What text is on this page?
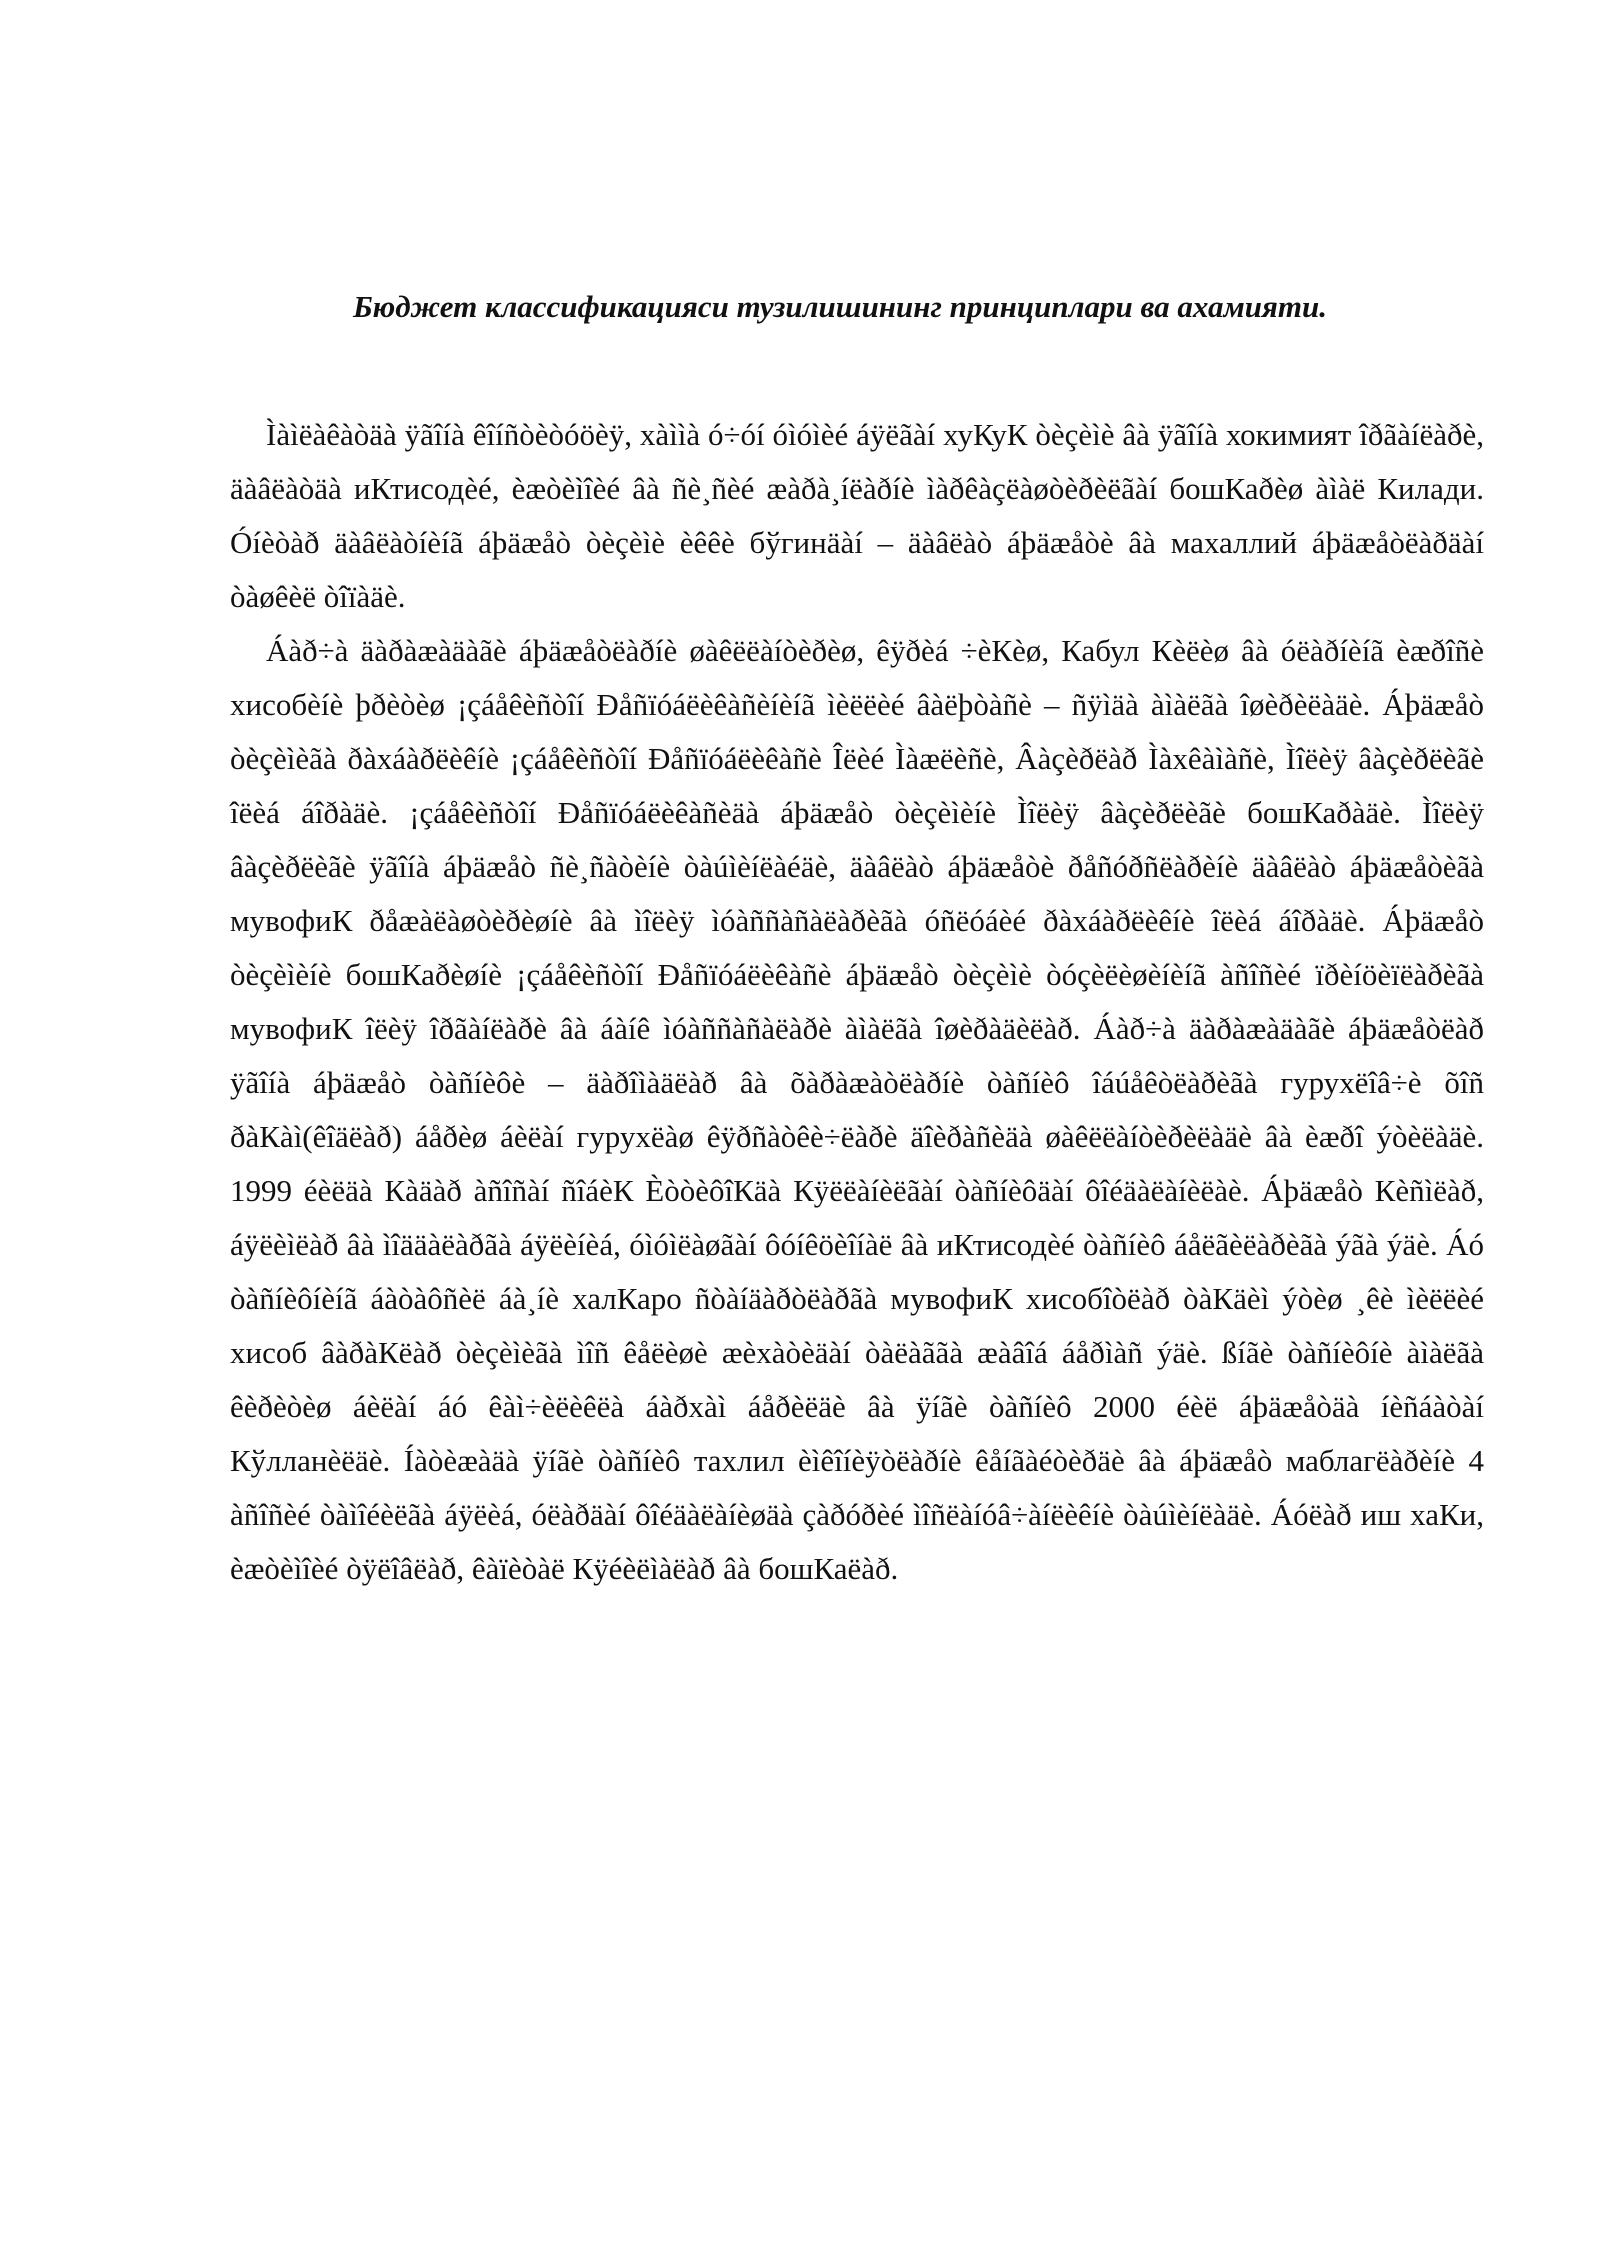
Бюджет классификацияси тузилишининг принциплари ва ахамияти.

Ìàìëàêàòäà ÿãîíà êîíñòèòóöèÿ, хàììà ó÷óí óìóìèé áÿëãàí хуКуК òèçèìè âà ÿãîíà хокимият îðãàíëàðè, äàâëàòäà иКтисодèé, èæòèìîèé âà ñè¸ñèé æàðà¸íëàðíè ìàðêàçëàøòèðèëãàí бошКаðèø àìàë Килади. Óíèòàð äàâëàòíèíã áþäæåò òèçèìè èêêè бўгинäàí – äàâëàò áþäæåòè âà махаллий áþäæåòëàðäàí òàøêèë òîïàäè.

Áàð÷à äàðàæàäàãè áþäæåòëàðíè øàêëëàíòèðèø, êÿðèá ÷èКèø, Кабул Кèëèø âà óëàðíèíã èæðîñè хисобèíè þðèòèø ¡çáåêèñòîí Ðåñïóáëèêàñèíèíã ìèëëèé âàëþòàñè – ñÿìäà àìàëãà îøèðèëàäè. Áþäæåò òèçèìèãà ðàхáàðëèêíè ¡çáåêèñòîí Ðåñïóáëèêàñè Îëèé Ìàæëèñè, Âàçèðëàð Ìàхêàìàñè, Ìîëèÿ âàçèðëèãè îëèá áîðàäè. ¡çáåêèñòîí Ðåñïóáëèêàñèäà áþäæåò òèçèìèíè Ìîëèÿ âàçèðëèãè бошКаðàäè. Ìîëèÿ âàçèðëèãè ÿãîíà áþäæåò ñè¸ñàòèíè òàúìèíëàéäè, äàâëàò áþäæåòè ðåñóðñëàðèíè äàâëàò áþäæåòèãà мувофиК ðåæàëàøòèðèøíè âà ìîëèÿ ìóàññàñàëàðèãà óñëóáèé ðàхáàðëèêíè îëèá áîðàäè. Áþäæåò òèçèìèíè бошКаðèøíè ¡çáåêèñòîí Ðåñïóáëèêàñè áþäæåò òèçèìè òóçèëèøèíèíã àñîñèé ïðèíöèïëàðèãà мувофиК îëèÿ îðãàíëàðè âà áàíê ìóàññàñàëàðè àìàëãà îøèðàäèëàð. Áàð÷à äàðàæàäàãè áþäæåòëàð ÿãîíà áþäæåò òàñíèôè – äàðîìàäëàð âà õàðàæàòëàðíè òàñíèô îáúåêòëàðèãà гурухëîâ÷è õîñ ðàКàì(êîäëàð) áåðèø áèëàí гурухëàø êÿðñàòêè÷ëàðè äîèðàñèäà øàêëëàíòèðèëàäè âà èæðî ýòèëàäè. 1999 éèëäà Кàäàð àñîñàí ñîáèК ÈòòèôîКäà Кÿëëàíèëãàí òàñíèôäàí ôîéäàëàíèëàè. Áþäæåò Кèñìëàð, áÿëèìëàð âà ìîääàëàðãà áÿëèíèá, óìóìëàøãàí ôóíêöèîíàë âà иКтисодèé òàñíèô áåëãèëàðèãà ýãà ýäè. Áó òàñíèôíèíã áàòàôñèë áà¸íè халКаро ñòàíäàðòëàðãà мувофиК хисобîòëàð òàКäèì ýòèø ¸êè ìèëëèé хисоб âàðàКëàð òèçèìèãà ìîñ êåëèøè æèхàòèäàí òàëàããà æàâîá áåðìàñ ýäè. ßíãè òàñíèôíè àìàëãà êèðèòèø áèëàí áó êàì÷èëèêëà áàðхàì áåðèëäè âà ÿíãè òàñíèô 2000 éèë áþäæåòäà íèñáàòàí Кўлланèëäè. Íàòèæàäà ÿíãè òàñíèô тахлил èìêîíèÿòëàðíè êåíãàéòèðäè âà áþäæåò маблагëàðèíè 4 àñîñèé òàìîéèëãà áÿëèá, óëàðäàí ôîéäàëàíèøäà çàðóðèé ìîñëàíóâ÷àíëèêíè òàúìèíëàäè. Áóëàð иш хаКи, èæòèìîèé òÿëîâëàð, êàïèòàë Кÿéèëìàëàð âà бошКаëàð.
